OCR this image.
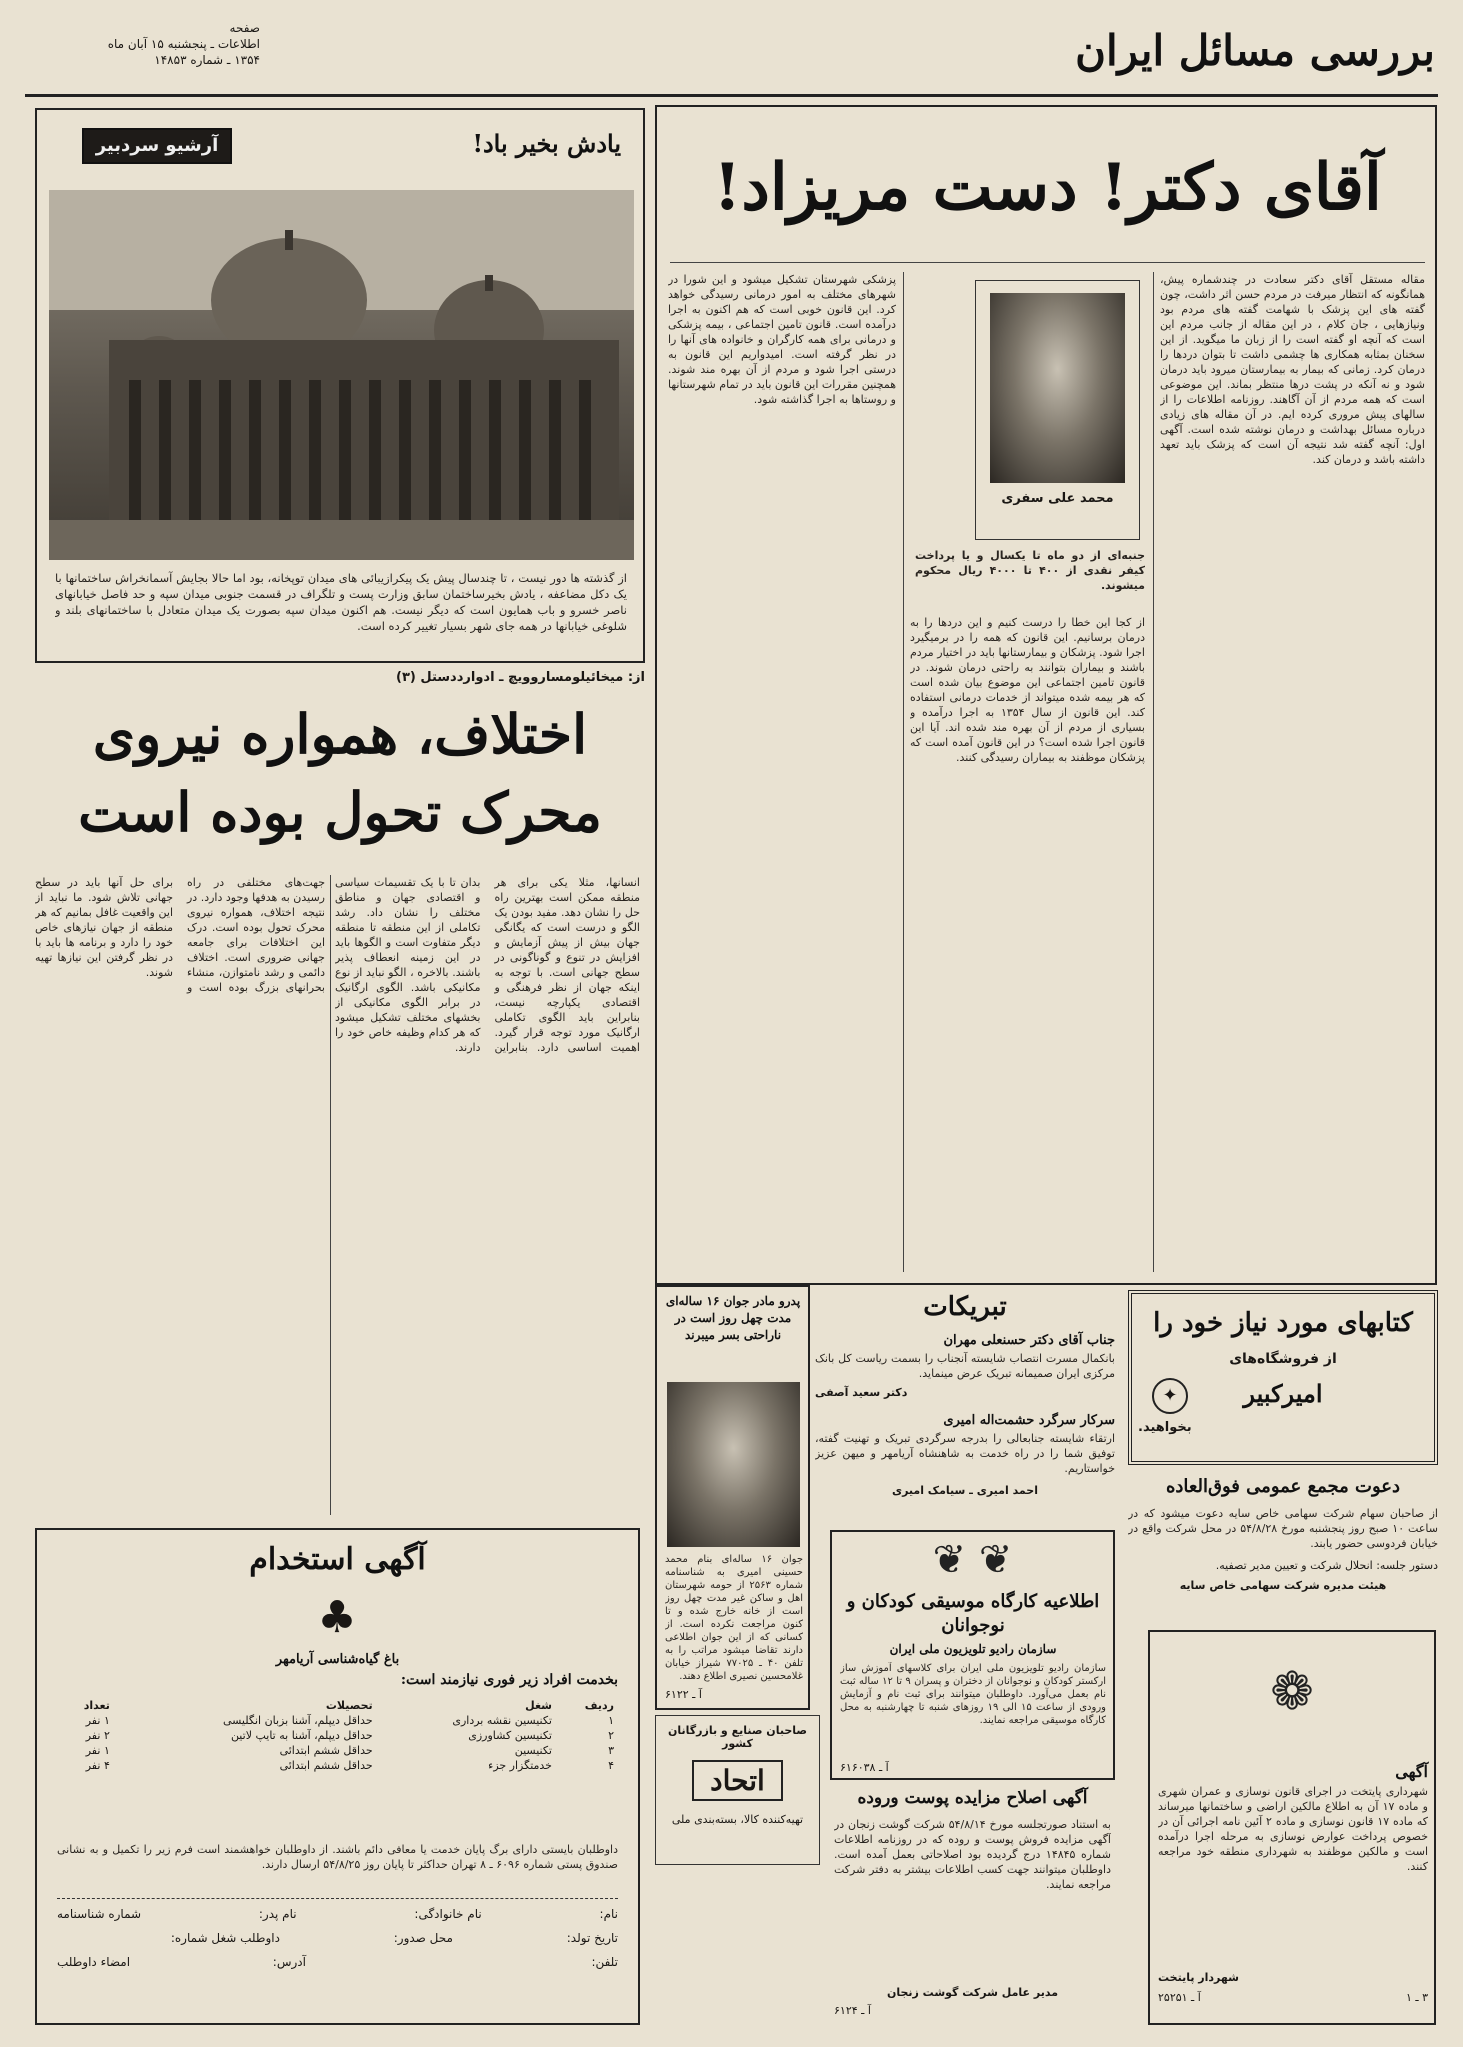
بررسی مسائل ایران
صفحه
اطلاعات ـ پنجشنبه ۱۵ آبان ماه
۱۳۵۴ ـ شماره ۱۴۸۵۳
آرشیو سردبیر	یادش بخیر باد!
از گذشته ها دور نیست ، تا چندسال پیش یک پیکرازیبائی های میدان توپخانه، بود اما حالا بجایش آسمانخراش ساختمانها با یک دکل مضاعفه ، یادش بخیرساختمان سابق وزارت پست و تلگراف در قسمت جنوبی میدان سپه و حد فاصل خیابانهای ناصر خسرو و باب همایون است که دیگر نیست. هم اکنون میدان سپه بصورت یک میدان متعادل با ساختمانهای بلند و شلوغی خیابانها در همه جای شهر بسیار تغییر کرده است.
از: میخائیلومساروویچ ـ ادوارددستل (۳)
اختلاف، همواره نیروی محرک تحول بوده است
انسانها، مثلا یکی برای هر منطقه ممکن است بهترین راه حل را نشان دهد. مفید بودن یک الگو و درست است که یگانگی جهان بیش از پیش آزمایش و افزایش در تنوع و گوناگونی در سطح جهانی است. با توجه به اینکه جهان از نظر فرهنگی و اقتصادی یکپارچه نیست، بنابراین باید الگوی تکاملی ارگانیک مورد توجه قرار گیرد. اهمیت اساسی دارد. بنابراین بدان تا با یک تقسیمات سیاسی و اقتصادی جهان و مناطق مختلف را نشان داد. رشد تکاملی از این منطقه تا منطقه دیگر متفاوت است و الگوها باید در این زمینه انعطاف پذیر باشند. بالاخره ، الگو نباید از نوع مکانیکی باشد. الگوی ارگانیک در برابر الگوی مکانیکی از بخشهای مختلف تشکیل میشود که هر کدام وظیفه خاص خود را دارند.
جهت‌های مختلفی در راه رسیدن به هدفها وجود دارد. در نتیجه اختلاف، همواره نیروی محرک تحول بوده است. درک این اختلافات برای جامعه جهانی ضروری است. اختلاف دائمی و رشد نامتوازن، منشاء بحرانهای بزرگ بوده است و برای حل آنها باید در سطح جهانی تلاش شود. ما نباید از این واقعیت غافل بمانیم که هر منطقه از جهان نیازهای خاص خود را دارد و برنامه ها باید با در نظر گرفتن این نیازها تهیه شوند.
آقای دکتر! دست مریزاد!
مقاله مستقل آقای دکتر سعادت در چندشماره پیش، همانگونه که انتظار میرفت در مردم حسن اثر داشت، چون گفته های این پزشک با شهامت گفته های مردم بود ونیازهایی ، جان کلام ، در این مقاله از جانب مردم این است که آنچه او گفته است را از زبان ما میگوید. از این سخنان بمثابه همکاری ها چشمی داشت تا بتوان دردها را درمان کرد. زمانی که بیمار به بیمارستان میرود باید درمان شود و نه آنکه در پشت درها منتظر بماند. این موضوعی است که همه مردم از آن آگاهند. روزنامه اطلاعات را از سالهای پیش مروری کرده ایم. در آن مقاله های زیادی درباره مسائل بهداشت و درمان نوشته شده است. آگهی اول: آنچه گفته شد نتیجه آن است که پزشک باید تعهد داشته باشد و درمان کند.
محمد علی سفری
جنبه‌ای از دو ماه تا یکسال و یا پرداخت کیفر نقدی از ۴۰۰ تا ۴۰۰۰ ریال محکوم میشوند.
از کجا این خطا را درست کنیم و این دردها را به درمان برسانیم. این قانون که همه را در برمیگیرد اجرا شود. پزشکان و بیمارستانها باید در اختیار مردم باشند و بیماران بتوانند به راحتی درمان شوند. در قانون تامین اجتماعی این موضوع بیان شده است که هر بیمه شده میتواند از خدمات درمانی استفاده کند. این قانون از سال ۱۳۵۴ به اجرا درآمده و بسیاری از مردم از آن بهره مند شده اند. آیا این قانون اجرا شده است؟ در این قانون آمده است که پزشکان موظفند به بیماران رسیدگی کنند.
پزشکی شهرستان تشکیل میشود و این شورا در شهرهای مختلف به امور درمانی رسیدگی خواهد کرد. این قانون خوبی است که هم اکنون به اجرا درآمده است. قانون تامین اجتماعی ، بیمه پزشکی و درمانی برای همه کارگران و خانواده های آنها را در نظر گرفته است. امیدواریم این قانون به درستی اجرا شود و مردم از آن بهره مند شوند. همچنین مقررات این قانون باید در تمام شهرستانها و روستاها به اجرا گذاشته شود.
پدرو مادر جوان ۱۶ ساله‌ای مدت چهل روز است در ناراحتی بسر میبرند
جوان ۱۶ ساله‌ای بنام محمد حسینی امیری به شناسنامه شماره ۲۵۶۳ از حومه شهرستان اهل و ساکن غیر مدت چهل روز است از خانه خارج شده و تا کنون مراجعت نکرده است. از کسانی که از این جوان اطلاعی دارند تقاضا میشود مراتب را به تلفن ۴۰ ـ ۷۷۰۲۵ شیراز خیابان غلامحسین نصیری اطلاع دهند.
آ ـ ۶۱۲۲
تبریکات
جناب آقای دکتر حسنعلی مهران
بانکمال مسرت انتصاب شایسته آنجناب را بسمت ریاست کل بانک مرکزی ایران صمیمانه تبریک عرض مینماید.
دکتر سعید آصفی
سرکار سرگرد حشمت‌اله امیری
ارتقاء شایسته جنابعالی را بدرجه سرگردی تبریک و تهنیت گفته، توفیق شما را در راه خدمت به شاهنشاه آریامهر و میهن عزیز خواستاریم.
احمد امیری ـ سیامک امیری
❦ ❦
اطلاعیه کارگاه موسیقی کودکان و نوجوانان
سازمان رادیو تلویزیون ملی ایران
سازمان رادیو تلویزیون ملی ایران برای کلاسهای آموزش ساز ارکستر کودکان و نوجوانان از دختران و پسران ۹ تا ۱۲ ساله ثبت نام بعمل می‌آورد. داوطلبان میتوانند برای ثبت نام و آزمایش ورودی از ساعت ۱۵ الی ۱۹ روزهای شنبه تا چهارشنبه به محل کارگاه موسیقی مراجعه نمایند.
آ ـ ۶۱۶۰۳۸
صاحبان صنایع و بازرگانان کشور
اتحاد
تهیه‌کننده کالا، بسته‌بندی ملی
آگهی اصلاح مزایده پوست وروده
به استناد صورتجلسه مورخ ۵۴/۸/۱۴ شرکت گوشت زنجان در آگهی مزایده فروش پوست و روده که در روزنامه اطلاعات شماره ۱۴۸۴۵ درج گردیده بود اصلاحاتی بعمل آمده است. داوطلبان میتوانند جهت کسب اطلاعات بیشتر به دفتر شرکت مراجعه نمایند.
مدیر عامل شرکت گوشت زنجان
آ ـ ۶۱۲۴
کتابهای مورد نیاز خود را
از فروشگاه‌های
امیرکبیر
✦
بخواهید.
دعوت مجمع عمومی فوق‌العاده
از صاحبان سهام شرکت سهامی خاص سایه دعوت میشود که در ساعت ۱۰ صبح روز پنجشنبه مورخ ۵۴/۸/۲۸ در محل شرکت واقع در خیابان فردوسی حضور یابند.
دستور جلسه: انحلال شرکت و تعیین مدیر تصفیه.
هیئت مدیره شرکت سهامی خاص سایه
❁
آگهی
شهرداری پایتخت در اجرای قانون نوسازی و عمران شهری و ماده ۱۷ آن به اطلاع مالکین اراضی و ساختمانها میرساند که ماده ۱۷ قانون نوسازی و ماده ۲ آئین نامه اجرائی آن در خصوص پرداخت عوارض نوسازی به مرحله اجرا درآمده است و مالکین موظفند به شهرداری منطقه خود مراجعه کنند.
شهردار پایتخت
آ ـ ۲۵۲۵۱	۳ ـ ۱
آگهی استخدام
♣
باغ گیاه‌شناسی آریامهر
بخدمت افراد زیر فوری نیازمند است:
ردیف	شغل	تحصیلات	تعداد
۱	تکنیسین نقشه برداری	حداقل دیپلم، آشنا بزبان انگلیسی	۱ نفر
۲	تکنیسین کشاورزی	حداقل دیپلم، آشنا به تایپ لاتین	۲ نفر
۳	تکنیسین	حداقل ششم ابتدائی	۱ نفر
۴	خدمتگزار جزء	حداقل ششم ابتدائی	۴ نفر
داوطلبان بایستی دارای برگ پایان خدمت یا معافی دائم باشند. از داوطلبان خواهشمند است فرم زیر را تکمیل و به نشانی صندوق پستی شماره ۶۰۹۶ ـ ۸ تهران حداکثر تا پایان روز ۵۴/۸/۲۵ ارسال دارند.
نام:
نام خانوادگی:
نام پدر:
شماره شناسنامه
تاریخ تولد:
محل صدور:
داوطلب شغل شماره:
تلفن:
آدرس:
امضاء داوطلب
